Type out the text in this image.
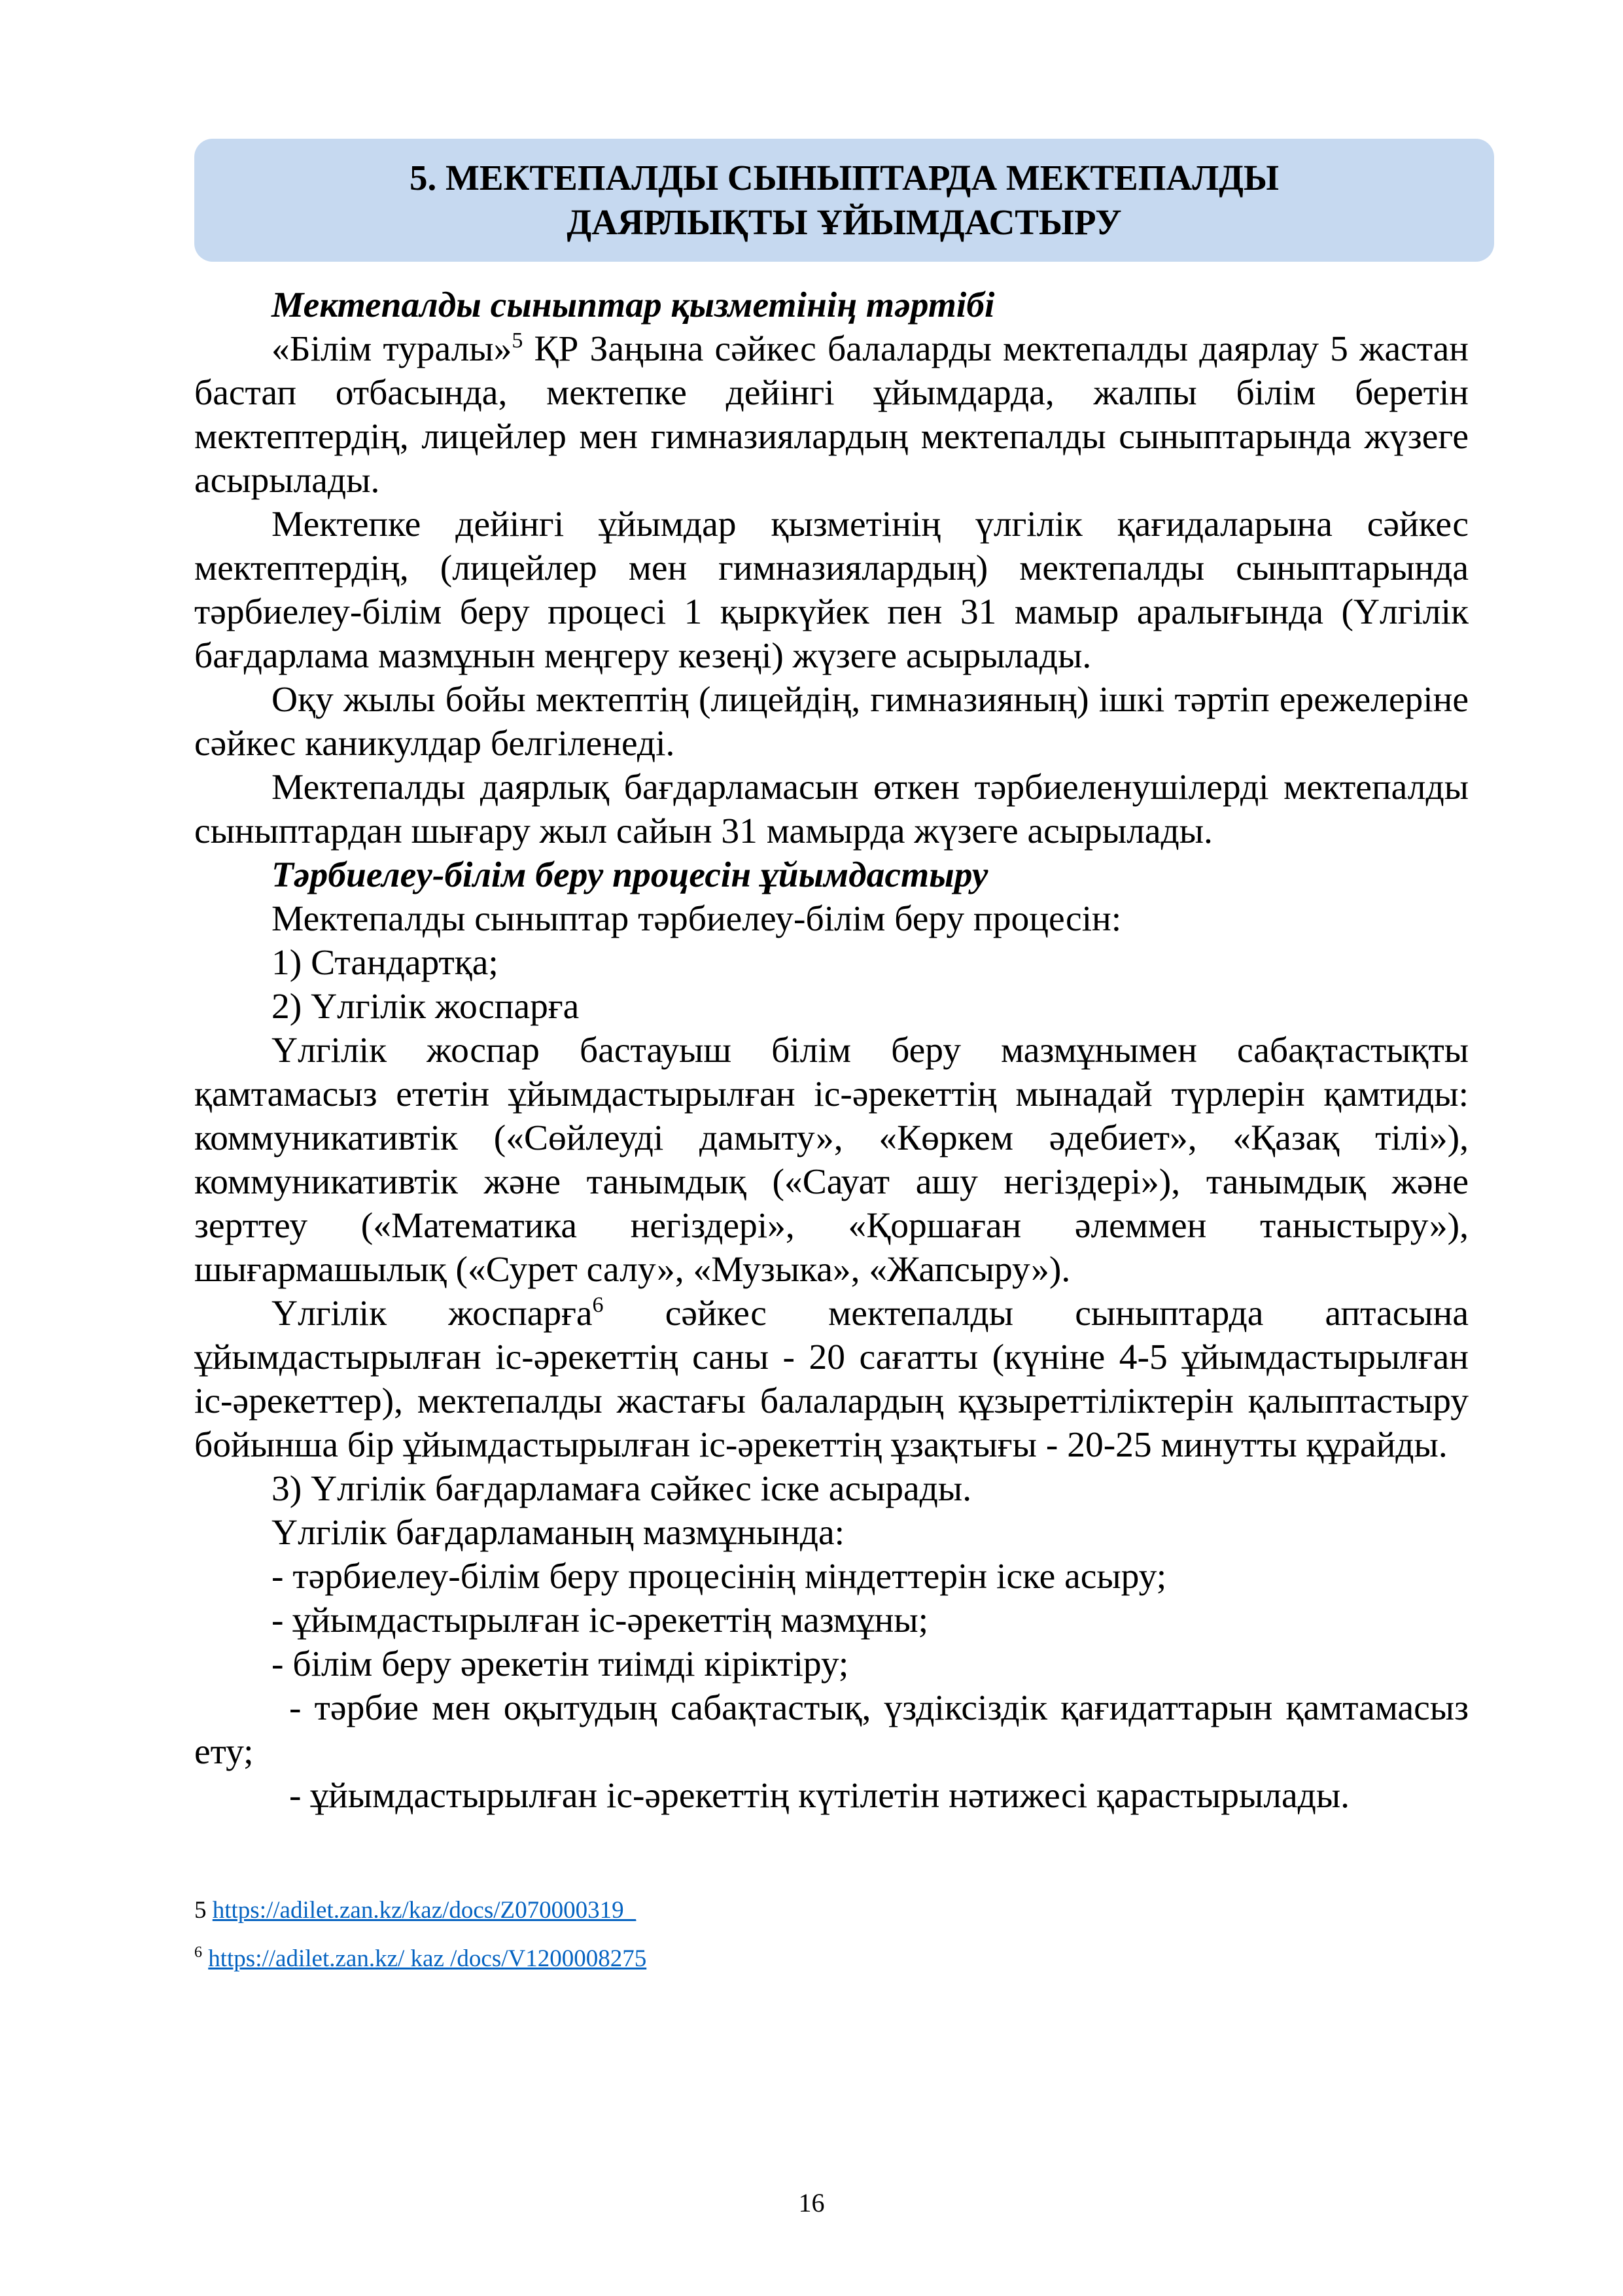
5. МЕКТЕПАЛДЫ СЫНЫПТАРДА МЕКТЕПАЛДЫ
ДАЯРЛЫҚТЫ ҰЙЫМДАСТЫРУ

Мектепалды сыныптар қызметінің тәртібі

«Білім туралы»$^5$ ҚР Заңына сәйкес балаларды мектепалды даярлау 5 жастан бастап отбасында, мектепке дейінгі ұйымдарда, жалпы білім беретін мектептердің, лицейлер мен гимназиялардың мектепалды сыныптарында жүзеге асырылады.

Мектепке дейінгі ұйымдар қызметінің үлгілік қағидаларына сәйкес мектептердің, (лицейлер мен гимназиялардың) мектепалды сыныптарында тәрбиелеу-білім беру процесі 1 қыркүйек пен 31 мамыр аралығында (Үлгілік бағдарлама мазмұнын меңгеру кезеңі) жүзеге асырылады.

Оқу жылы бойы мектептің (лицейдің, гимназияның) ішкі тәртіп ережелеріне сәйкес каникулдар белгіленеді.

Мектепалды даярлық бағдарламасын өткен тәрбиеленушілерді мектепалды сыныптардан шығару жыл сайын 31 мамырда жүзеге асырылады.

Тәрбиелеу-білім беру процесін ұйымдастыру

Мектепалды сыныптар тәрбиелеу-білім беру процесін:

1) Стандартқа;

2) Үлгілік жоспарға

Үлгілік жоспар бастауыш білім беру мазмұнымен сабақтастықты қамтамасыз ететін ұйымдастырылған іс-әрекеттің мынадай түрлерін қамтиды: коммуникативтік («Сөйлеуді дамыту», «Көркем әдебиет», «Қазақ тілі»), коммуникативтік және танымдық («Сауат ашу негіздері»), танымдық және зерттеу («Математика негіздері», «Қоршаған әлеммен таныстыру»), шығармашылық («Сурет салу», «Музыка», «Жапсыру»).

Үлгілік жоспарға$^6$ сәйкес мектепалды сыныптарда аптасына ұйымдастырылған іс-әрекеттің саны - 20 сағатты (күніне 4-5 ұйымдастырылған іс-әрекеттер), мектепалды жастағы балалардың құзыреттіліктерін қалыптастыру бойынша бір ұйымдастырылған іс-әрекеттің ұзақтығы - 20-25 минутты құрайды.

3) Үлгілік бағдарламаға сәйкес іске асырады.

Үлгілік бағдарламаның мазмұнында:

- тәрбиелеу-білім беру процесінің міндеттерін іске асыру;

- ұйымдастырылған іс-әрекеттің мазмұны;

- білім беру әрекетін тиімді кіріктіру;

- тәрбие мен оқытудың сабақтастық, үздіксіздік қағидаттарын қамтамасыз ету;

- ұйымдастырылған іс-әрекеттің күтілетін нәтижесі қарастырылады.

5 https://adilet.zan.kz/kaz/docs/Z070000319_

$^6$ https://adilet.zan.kz/ kaz /docs/V1200008275

16
